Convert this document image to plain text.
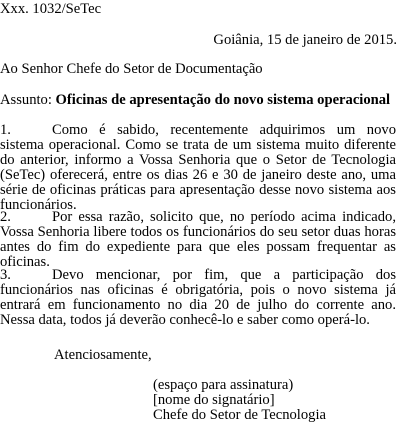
Xxx. 1032/SeTec
Goiânia, 15 de janeiro de 2015.
Ao Senhor Chefe do Setor de Documentação
Assunto: Oficinas de apresentação do novo sistema operacional
1.	Como é sabido, recentemente adquirimos um novo sistema operacional. Como se trata de um sistema muito diferente do anterior, informo a Vossa Senhoria que o Setor de Tecnologia (SeTec) oferecerá, entre os dias 26 e 30 de janeiro deste ano, uma série de oficinas práticas para apresentação desse novo sistema aos funcionários.
2.	Por essa razão, solicito que, no período acima indicado, Vossa Senhoria libere todos os funcionários do seu setor duas horas antes do fim do expediente para que eles possam frequentar as oficinas.
3.	Devo mencionar, por fim, que a participação dos funcionários nas oficinas é obrigatória, pois o novo sistema já entrará em funcionamento no dia 20 de julho do corrente ano. Nessa data, todos já deverão conhecê-lo e saber como operá-lo.
Atenciosamente,
(espaço para assinatura)
[nome do signatário]
Chefe do Setor de Tecnologia
